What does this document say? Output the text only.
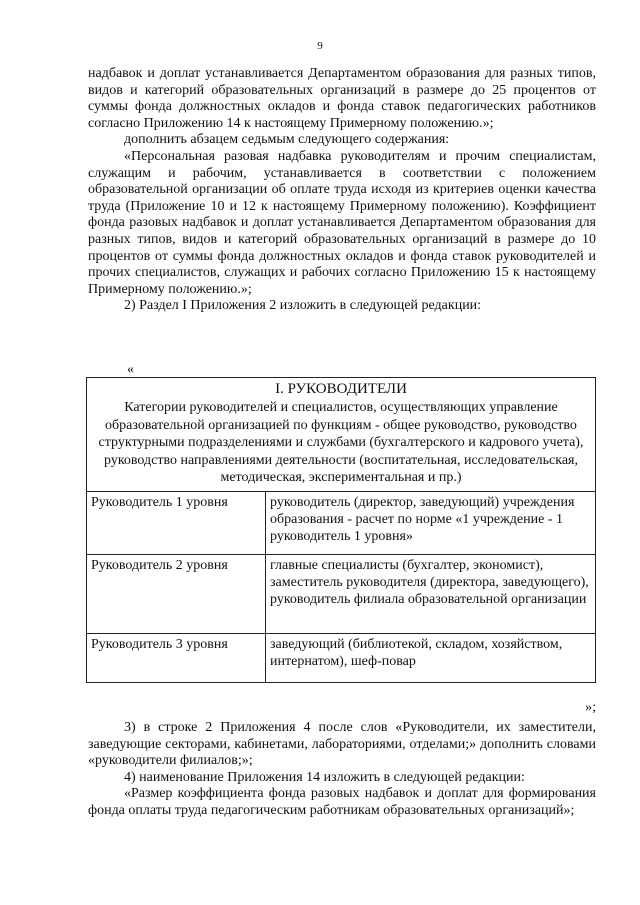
9

надбавок и доплат устанавливается Департаментом образования для разных типов, видов и категорий образовательных организаций в размере до 25 процентов от суммы фонда должностных окладов и фонда ставок педагогических работников согласно Приложению 14 к настоящему Примерному положению.»;

дополнить абзацем седьмым следующего содержания:

«Персональная разовая надбавка руководителям и прочим специалистам, служащим и рабочим, устанавливается в соответствии с положением образовательной организации об оплате труда исходя из критериев оценки качества труда (Приложение 10 и 12 к настоящему Примерному положению). Коэффициент фонда разовых надбавок и доплат устанавливается Департаментом образования для разных типов, видов и категорий образовательных организаций в размере до 10 процентов от суммы фонда должностных окладов и фонда ставок руководителей и прочих специалистов, служащих и рабочих согласно Приложению 15 к настоящему Примерному положению.»;

2) Раздел I Приложения 2 изложить в следующей редакции:

«
I. РУКОВОДИТЕЛИ
Категории руководителей и специалистов, осуществляющих управление образовательной организацией по функциям - общее руководство, руководство структурными подразделениями и службами (бухгалтерского и кадрового учета), руководство направлениями деятельности (воспитательная, исследовательская, методическая, экспериментальная и пр.)	

Руководитель 1 уровня	руководитель (директор, заведующий) учреждения образования - расчет по норме «1 учреждение - 1 руководитель 1 уровня»
Руководитель 2 уровня	главные специалисты (бухгалтер, экономист), заместитель руководителя (директора, заведующего), руководитель филиала образовательной организации
Руководитель 3 уровня	заведующий (библиотекой, складом, хозяйством, интернатом), шеф-повар
»;

3) в строке 2 Приложения 4 после слов «Руководители, их заместители, заведующие секторами, кабинетами, лабораториями, отделами;» дополнить словами «руководители филиалов;»;

4) наименование Приложения 14 изложить в следующей редакции:

«Размер коэффициента фонда разовых надбавок и доплат для формирования фонда оплаты труда педагогическим работникам образовательных организаций»;
